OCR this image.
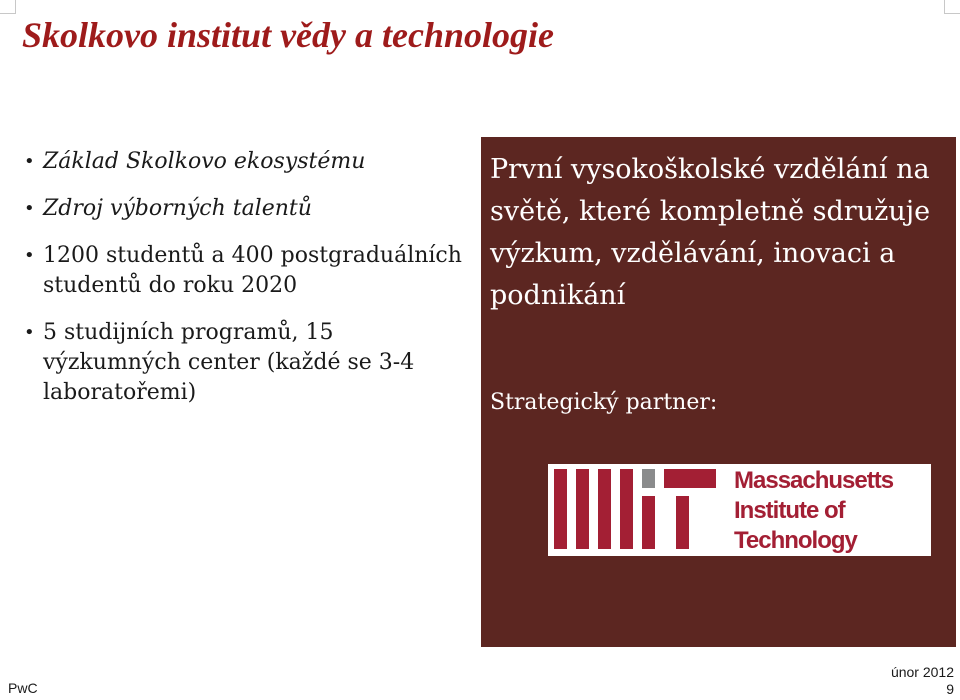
Skolkovo institut vědy a technologie
• Základ Skolkovo ekosystému
• Zdroj výborných talentů
• 1200 studentů a 400 postgraduálních studentů do roku 2020
• 5 studijních programů, 15 výzkumných center (každé se 3-4 laboratořemi)
První vysokoškolské vzdělání na světě, které kompletně sdružuje výzkum, vzdělávání, inovaci a podnikání

Strategický partner:

Massachusetts
Institute of
Technology
PwC
únor 2012
9
